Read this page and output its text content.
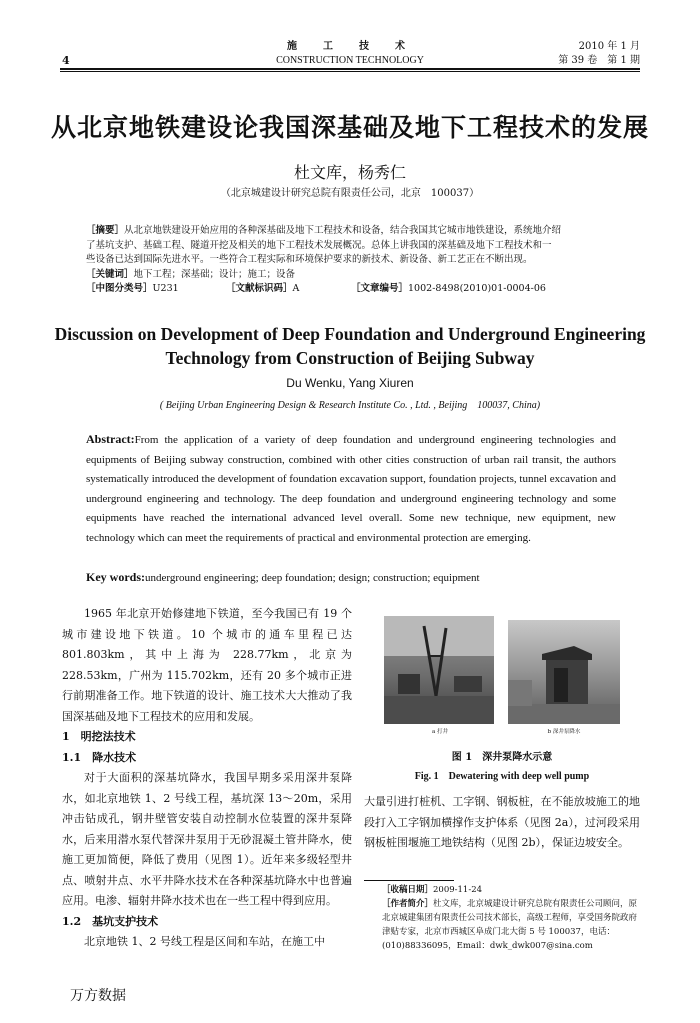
4
施　工　技　术
CONSTRUCTION TECHNOLOGY
2010 年 1 月
第 39 卷　第 1 期
从北京地铁建设论我国深基础及地下工程技术的发展
杜文库，杨秀仁
（北京城建设计研究总院有限责任公司，北京　100037）

［摘要］从北京地铁建设开始应用的各种深基础及地下工程技术和设备，结合我国其它城市地铁建设，系统地介绍

了基坑支护、基础工程、隧道开挖及相关的地下工程技术发展概况。总体上讲我国的深基础及地下工程技术和一

些设备已达到国际先进水平。一些符合工程实际和环境保护要求的新技术、新设备、新工艺正在不断出现。

［关键词］地下工程；深基础；设计；施工；设备

［中图分类号］U231	［文献标识码］A	［文章编号］1002-8498(2010)01-0004-06
Discussion on Development of Deep Foundation and Underground Engineering
Technology from Construction of Beijing Subway
Du Wenku, Yang Xiuren
( Beijing Urban Engineering Design & Research Institute Co. , Ltd. , Beijing　100037, China)
Abstract:From the application of a variety of deep foundation and underground engineering technologies and equipments of Beijing subway construction, combined with other cities construction of urban rail transit, the authors systematically introduced the development of foundation excavation support, foundation projects, tunnel excavation and underground engineering and technology. The deep foundation and underground engineering technology and some equipments have reached the international advanced level overall. Some new technique, new equipment, new technology which can meet the requirements of practical and environmental protection are emerging.
Key words:underground engineering; deep foundation; design; construction; equipment

1965 年北京开始修建地下铁道，至今我国已有 19 个城市建设地下铁道。10 个城市的通车里程已达 801.803km，其中上海为 228.77km，北京为 228.53km，广州为 115.702km，还有 20 多个城市正进行前期准备工作。地下铁道的设计、施工技术大大推动了我国深基础及地下工程技术的应用和发展。

1　明挖法技术

1.1　降水技术

对于大面积的深基坑降水，我国早期多采用深井泵降水，如北京地铁 1、2 号线工程，基坑深 13～20m，采用冲击钻成孔，钢井壁管安装自动控制水位装置的深井泵降水，后来用潜水泵代替深井泵用于无砂混凝土管井降水，使施工更加简便，降低了费用（见图 1）。近年来多级轻型井点、喷射井点、水平井降水技术在各种深基坑降水中也普遍应用。电渗、辐射井降水技术也在一些工程中得到应用。

1.2　基坑支护技术

北京地铁 1、2 号线工程是区间和车站，在施工中

a 打井	b 深井泵降水
图 1　深井泵降水示意
Fig. 1　Dewatering with deep well pump

大量引进打桩机、工字钢、钢板桩，在不能放坡施工的地段打入工字钢加横撑作支护体系（见图 2a），过河段采用钢板桩围堰施工地铁结构（见图 2b），保证边坡安全。

［收稿日期］2009-11-24

［作者简介］杜文库，北京城建设计研究总院有限责任公司顾问，原北京城建集团有限责任公司技术部长，高级工程师，享受国务院政府津贴专家，北京市西城区阜成门北大街 5 号 100037，电话：(010)88336095，Email：dwk_dwk007@sina.com

万方数据
